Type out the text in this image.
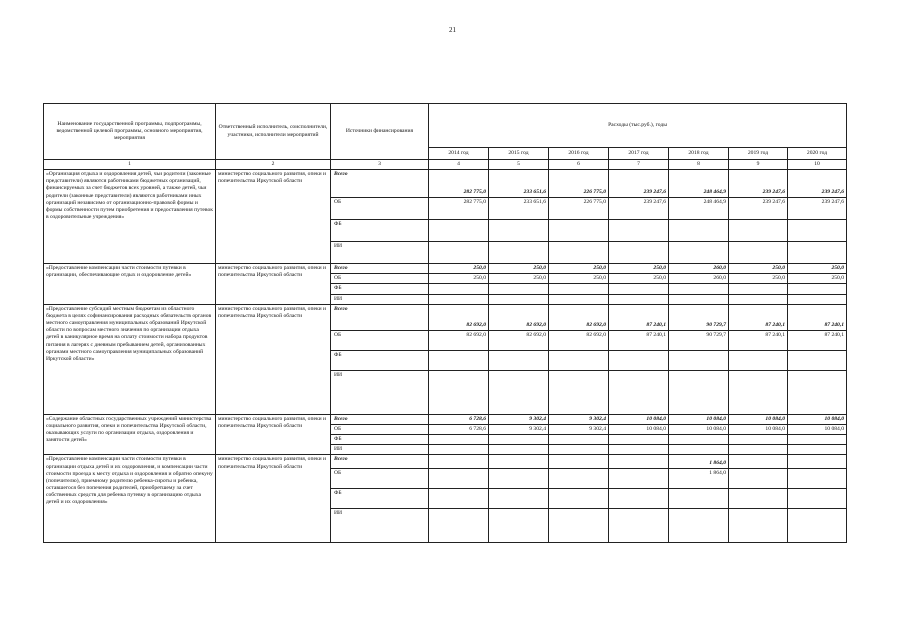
21
Наименование государственной программы, подпрограммы, ведомственной целевой программы, основного мероприятия, мероприятия	Ответственный исполнитель, соисполнители, участники, исполнители мероприятий	Источники финансирования	Расходы (тыс.руб.), годы						
			2014 год	2015 год	2016 год	2017 год	2018 год	2019 год	2020 год
1	2	3	4	5	6	7	8	9	10
«Организация отдыха и оздоровления детей, чьи родители (законные представители) являются работниками бюджетных организаций, финансируемых за счет бюджетов всех уровней, а также детей, чьи родители (законные представители) являются работниками иных организаций независимо от организационно-правовой формы и формы собственности путем приобретения и предоставления путевок в оздоровительные учреждения»	министерство социального развития, опеки и попечительства Иркутской области	Всего	282 775,0	233 651,6	226 775,0	239 247,6	248 464,9	239 247,6	239 247,6
		ОБ	282 775,0	233 651,6	226 775,0	239 247,6	248 464,9	239 247,6	239 247,6
		ФБ							
		ИИ							
«Предоставление компенсации части стоимости путевки в организации, обеспечивающие отдых и оздоровление детей»	министерство социального развития, опеки и попечительства Иркутской области	Всего	250,0	250,0	250,0	250,0	260,0	250,0	250,0
		ОБ	250,0	250,0	250,0	250,0	260,0	250,0	250,0
		ФБ							
		ИИ							
«Предоставление субсидий местным бюджетам из областного бюджета в целях софинансирования расходных обязательств органов местного самоуправления муниципальных образований Иркутской области по вопросам местного значения по организации отдыха детей в каникулярное время на оплату стоимости набора продуктов питания в лагерях с дневным пребыванием детей, организованных органами местного самоуправления муниципальных образований Иркутской области»	министерство социального развития, опеки и попечительства Иркутской области	Всего	82 692,0	82 692,0	82 692,0	87 240,1	90 729,7	87 240,1	87 240,1
		ОБ	82 692,0	82 692,0	82 692,0	87 240,1	90 729,7	87 240,1	87 240,1
		ФБ							
		ИИ							
«Содержание областных государственных учреждений министерства социального развития, опеки и попечительства Иркутской области, оказывающих услуги по организации отдыха, оздоровления и занятости детей»	министерство социального развития, опеки и попечительства Иркутской области	Всего	6 728,6	9 302,4	9 302,4	10 084,0	10 084,0	10 084,0	10 084,0
		ОБ	6 728,6	9 302,4	9 302,4	10 084,0	10 084,0	10 084,0	10 084,0
		ФБ							
		ИИ							
«Предоставление компенсации части стоимости путевки в организации отдыха детей и их оздоровления, и компенсации части стоимости проезда к месту отдыха и оздоровления и обратно опекуну (попечителю), приемному родителю ребенка-сироты и ребенка, оставшегося без попечения родителей, приобретшему за счет собственных средств для ребенка путевку в организацию отдыха детей и их оздоровления»	министерство социального развития, опеки и попечительства Иркутской области	Всего					1 864,0		
		ОБ					1 864,0		
		ФБ							
		ИИ							
